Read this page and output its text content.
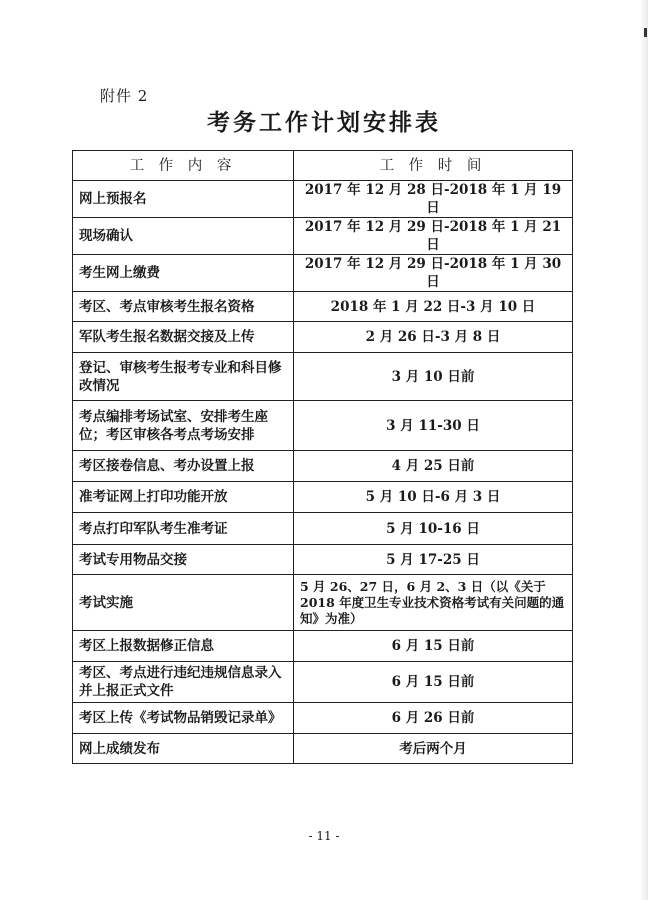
附件 2
考务工作计划安排表
工 作 内 容	工 作 时 间
网上预报名	2017 年 12 月 28 日-2018 年 1 月 19 日
现场确认	2017 年 12 月 29 日-2018 年 1 月 21 日
考生网上缴费	2017 年 12 月 29 日-2018 年 1 月 30 日
考区、考点审核考生报名资格	2018 年 1 月 22 日-3 月 10 日
军队考生报名数据交接及上传	2 月 26 日-3 月 8 日
登记、审核考生报考专业和科目修改情况	3 月 10 日前
考点编排考场试室、安排考生座位；考区审核各考点考场安排	3 月 11-30 日
考区接卷信息、考办设置上报	4 月 25 日前
准考证网上打印功能开放	5 月 10 日-6 月 3 日
考点打印军队考生准考证	5 月 10-16 日
考试专用物品交接	5 月 17-25 日
考试实施	5 月 26、27 日，6 月 2、3 日（以《关于2018 年度卫生专业技术资格考试有关问题的通知》为准）
考区上报数据修正信息	6 月 15 日前
考区、考点进行违纪违规信息录入并上报正式文件	6 月 15 日前
考区上传《考试物品销毁记录单》	6 月 26 日前
网上成绩发布	考后两个月
- 11 -
